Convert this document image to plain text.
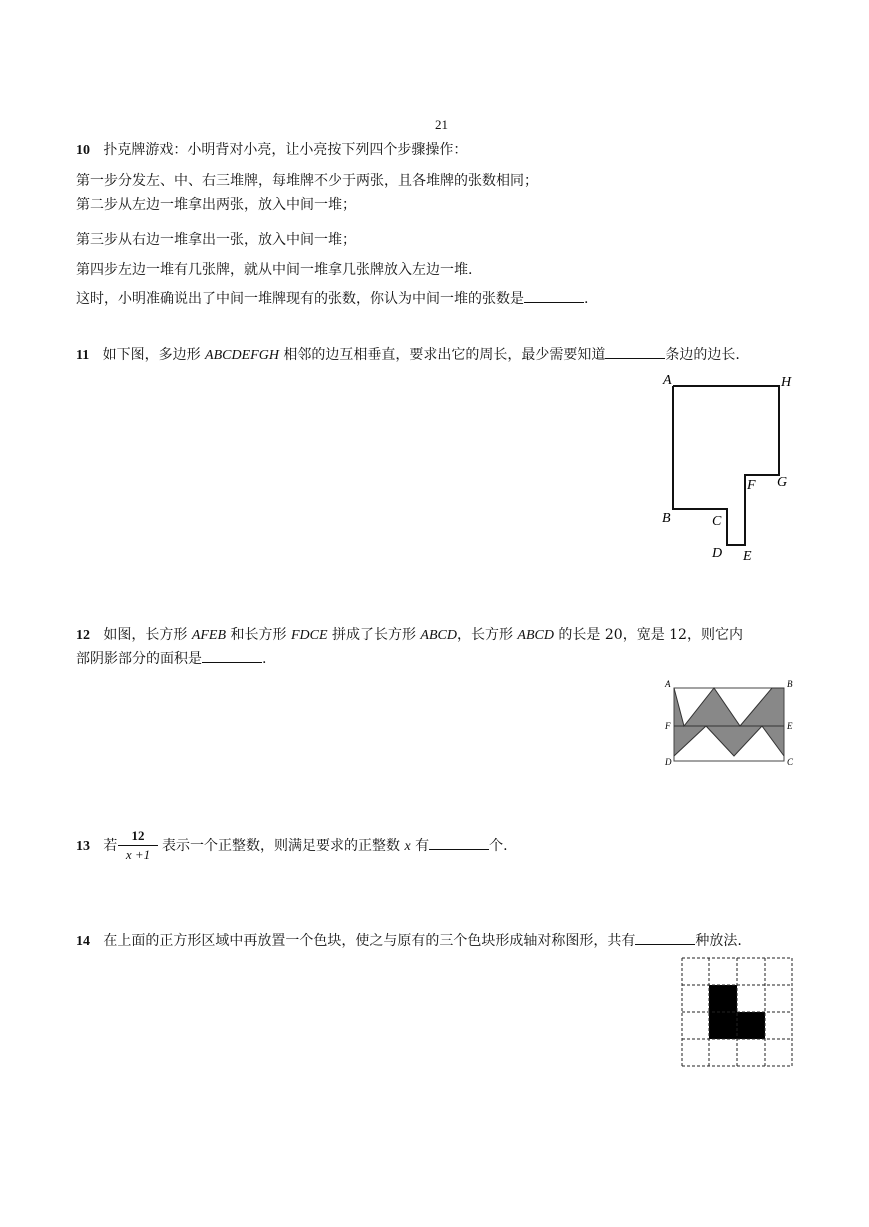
21
10 扑克牌游戏：小明背对小亮，让小亮按下列四个步骤操作：
第一步分发左、中、右三堆牌，每堆牌不少于两张，且各堆牌的张数相同；
第二步从左边一堆拿出两张，放入中间一堆；
第三步从右边一堆拿出一张，放入中间一堆；
第四步左边一堆有几张牌，就从中间一堆拿几张牌放入左边一堆.
这时，小明准确说出了中间一堆牌现有的张数，你认为中间一堆的张数是	.
11 如下图，多边形 ABCDEFGH 相邻的边互相垂直，要求出它的周长，最少需要知道	条边的边长.
A	H
G
F
B	C
D E
12 如图，长方形 AFEB 和长方形 FDCE 拼成了长方形 ABCD，长方形 ABCD 的长是 20，宽是 12，则它内
部阴影部分的面积是	.
A	B
F	E
D	C
13 若
12
x +1
表示一个正整数，则满足要求的正整数 x 有	个.
14 在上面的正方形区域中再放置一个色块，使之与原有的三个色块形成轴对称图形，共有	种放法.
